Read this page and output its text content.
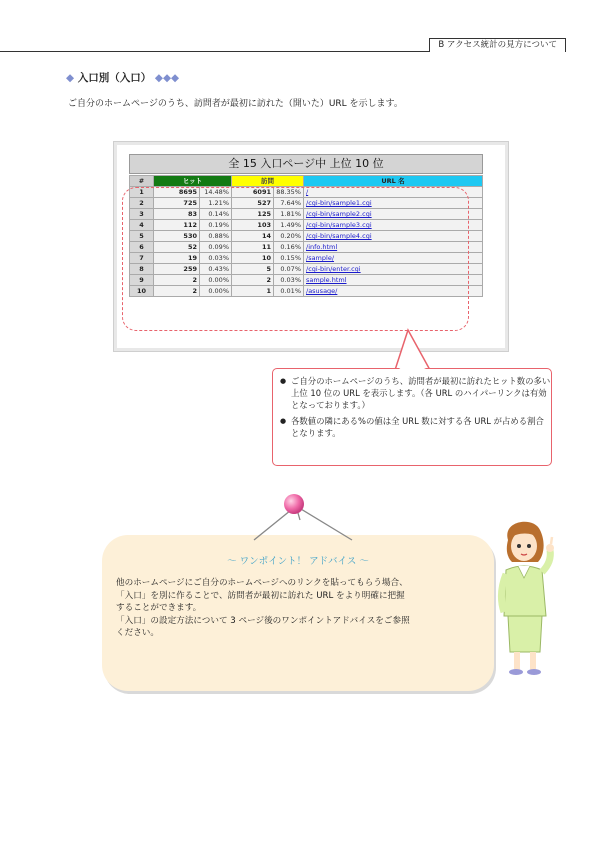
B アクセス統計の見方について
◆ 入口別（入口） ◆◆◆
ご自分のホームページのうち、訪問者が最初に訪れた（開いた）URL を示します。
全 15 入口ページ中 上位 10 位
#	ヒット		訪問		URL 名
1	8695	14.48%	6091	88.35%	/
2	725	1.21%	527	7.64%	/cgi-bin/sample1.cgi
3	83	0.14%	125	1.81%	/cgi-bin/sample2.cgi
4	112	0.19%	103	1.49%	/cgi-bin/sample3.cgi
5	530	0.88%	14	0.20%	/cgi-bin/sample4.cgi
6	52	0.09%	11	0.16%	/info.html
7	19	0.03%	10	0.15%	/sample/
8	259	0.43%	5	0.07%	/cgi-bin/enter.cgi
9	2	0.00%	2	0.03%	sample.html
10	2	0.00%	1	0.01%	/asusage/
● ご自分のホームページのうち、訪問者が最初に訪れたヒット数の多い上位 10 位の URL を表示します。（各 URL のハイパーリンクは有効となっております。）
● 各数値の隣にある%の値は全 URL 数に対する各 URL が占める割合となります。
～ ワンポイント！ アドバイス ～
他のホームページにご自分のホームページへのリンクを貼ってもらう場合、
「入口」を別に作ることで、訪問者が最初に訪れた URL をより明確に把握
することができます。
「入口」の設定方法について 3 ページ後のワンポイントアドバイスをご参照
ください。
